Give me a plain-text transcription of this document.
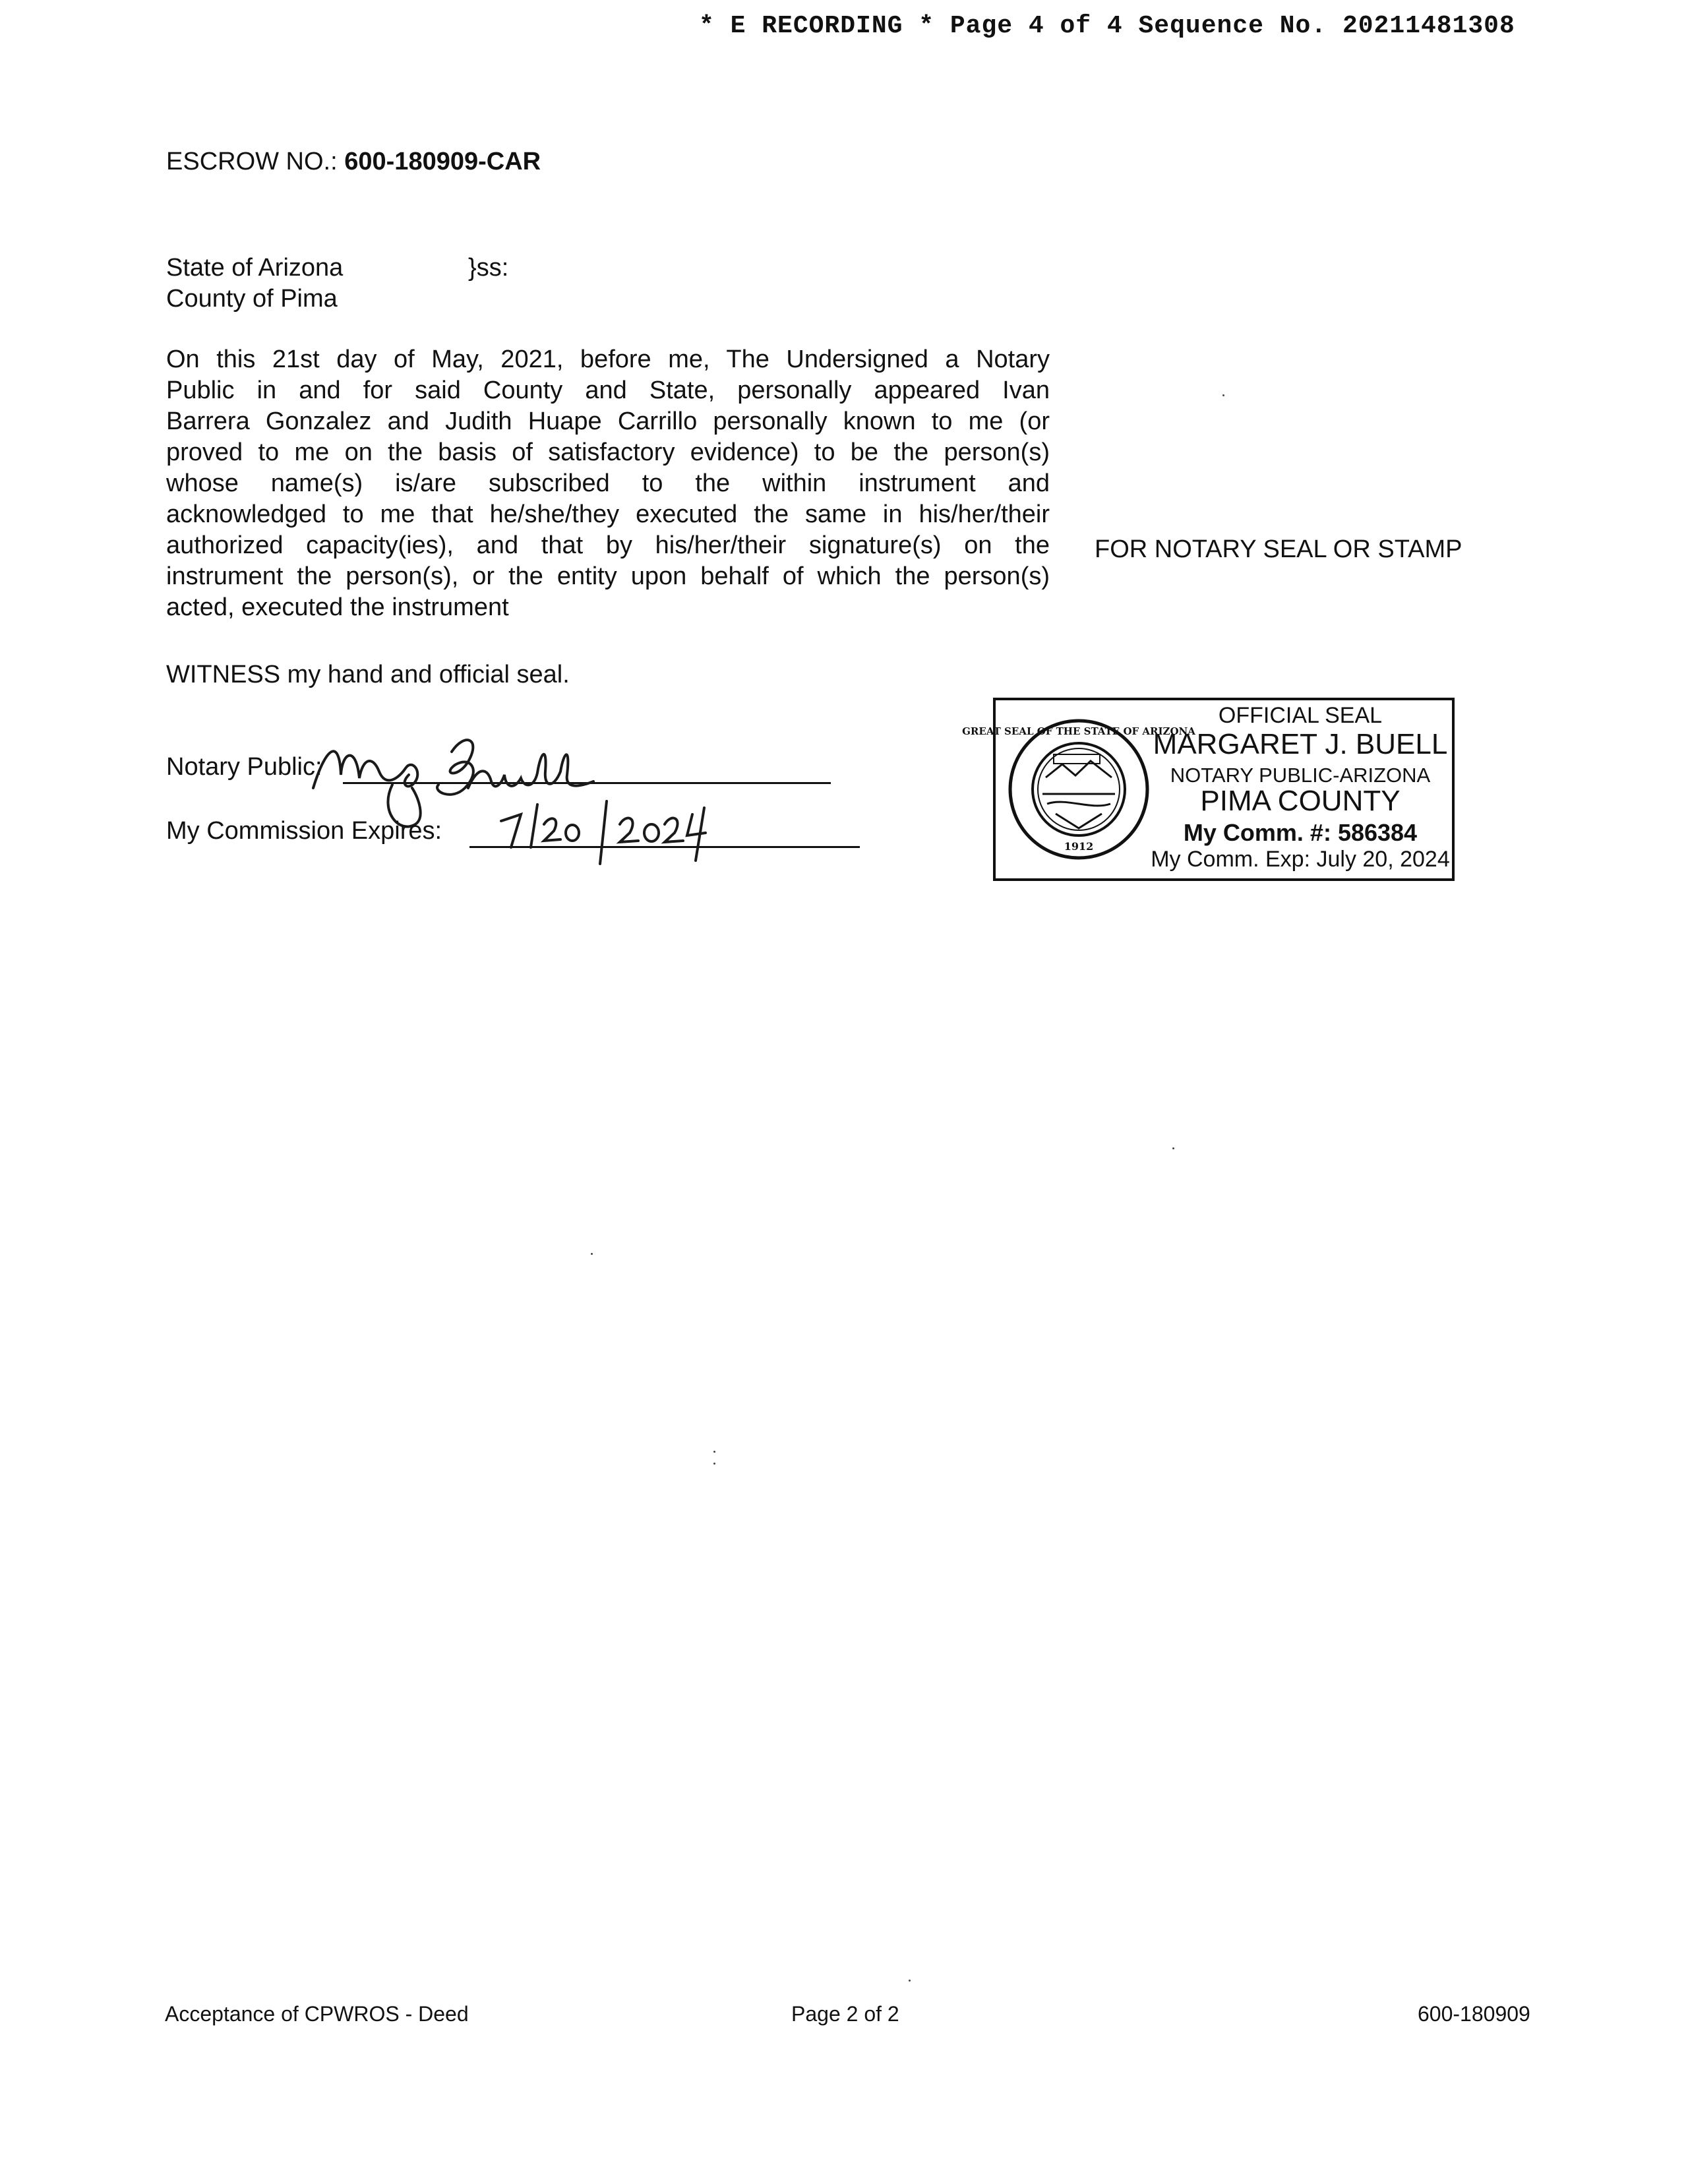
* E RECORDING * Page 4 of 4 Sequence No. 20211481308
ESCROW NO.: 600-180909-CAR
State of Arizona	}ss:
County of Pima
On this 21st day of May, 2021, before me, The Undersigned a Notary
Public in and for said County and State, personally appeared Ivan
Barrera Gonzalez and Judith Huape Carrillo personally known to me (or
proved to me on the basis of satisfactory evidence) to be the person(s)
whose name(s) is/are subscribed to the within instrument and
acknowledged to me that he/she/they executed the same in his/her/their
authorized capacity(ies), and that by his/her/their signature(s) on the
instrument the person(s), or the entity upon behalf of which the person(s)
acted, executed the instrument
FOR NOTARY SEAL OR STAMP
WITNESS my hand and official seal.
Notary Public:
My Commission Expires:
GREAT SEAL OF THE STATE OF ARIZONA
1912
OFFICIAL SEAL
MARGARET J. BUELL
NOTARY PUBLIC-ARIZONA
PIMA COUNTY
My Comm. #: 586384
My Comm. Exp: July 20, 2024
Acceptance of CPWROS - Deed	Page 2 of 2	600-180909
